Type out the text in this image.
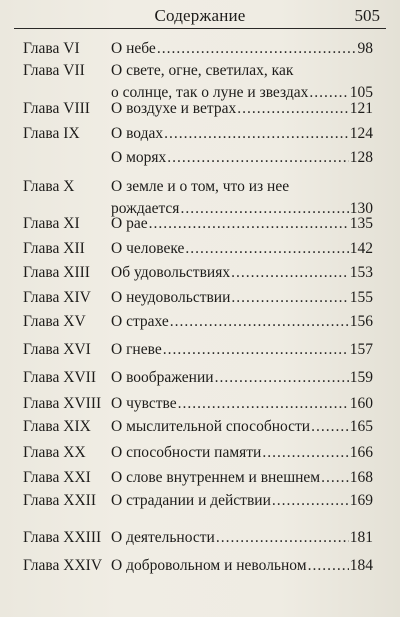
Содержание	505
Глава VI О небе .....	98
Глава VII О свете, огне, светилах, как
о солнце, так о луне и звездах .....	105
Глава VIII О воздухе и ветрах .....	121
Глава IX О водах .....	124
О морях .....	128
Глава X О земле и о том, что из нее
рождается .....	130
Глава XI О рае .....	135
Глава XII О человеке .....	142
Глава XIII Об удовольствиях .....	153
Глава XIV О неудовольствии .....	155
Глава XV О страхе .....	156
Глава XVI О гневе .....	157
Глава XVII О воображении .....	159
Глава XVIII О чувстве .....	160
Глава XIX О мыслительной способности .....	165
Глава XX О способности памяти .....	166
Глава XXI О слове внутреннем и внешнем ..... 168
Глава XXII О страдании и действии .....	169
Глава XXIII О деятельности .....	181
Глава XXIV О добровольном и невольном .....	184
